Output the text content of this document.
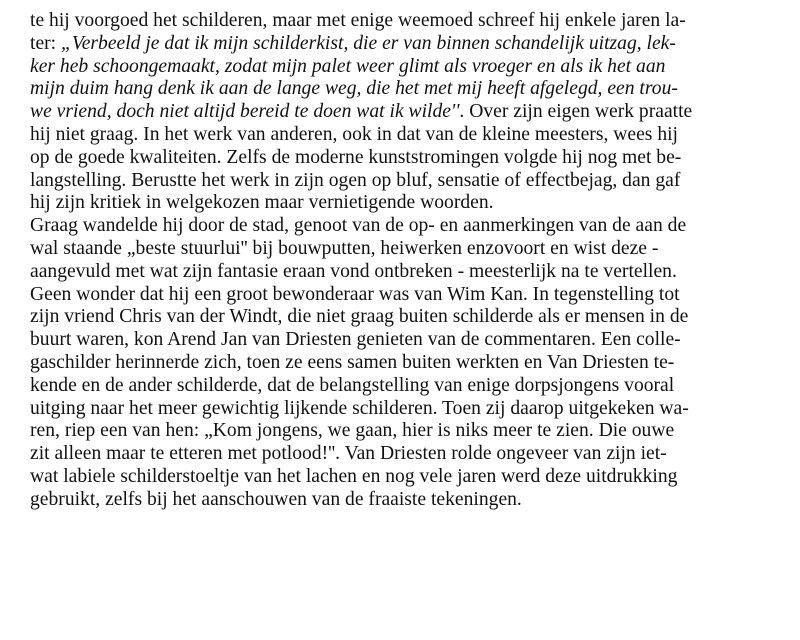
te hij voorgoed het schilderen, maar met enige weemoed schreef hij enkele jaren la-
ter: „Verbeeld je dat ik mijn schilderkist, die er van binnen schandelijk uitzag, lek-
ker heb schoongemaakt, zodat mijn palet weer glimt als vroeger en als ik het aan
mijn duim hang denk ik aan de lange weg, die het met mij heeft afgelegd, een trou-
we vriend, doch niet altijd bereid te doen wat ik wilde''. Over zijn eigen werk praatte
hij niet graag. In het werk van anderen, ook in dat van de kleine meesters, wees hij
op de goede kwaliteiten. Zelfs de moderne kunststromingen volgde hij nog met be-
langstelling. Berustte het werk in zijn ogen op bluf, sensatie of effectbejag, dan gaf
hij zijn kritiek in welgekozen maar vernietigende woorden.
Graag wandelde hij door de stad, genoot van de op- en aanmerkingen van de aan de
wal staande „beste stuurlui'' bij bouwputten, heiwerken enzovoort en wist deze -
aangevuld met wat zijn fantasie eraan vond ontbreken - meesterlijk na te vertellen.
Geen wonder dat hij een groot bewonderaar was van Wim Kan. In tegenstelling tot
zijn vriend Chris van der Windt, die niet graag buiten schilderde als er mensen in de
buurt waren, kon Arend Jan van Driesten genieten van de commentaren. Een colle-
gaschilder herinnerde zich, toen ze eens samen buiten werkten en Van Driesten te-
kende en de ander schilderde, dat de belangstelling van enige dorpsjongens vooral
uitging naar het meer gewichtig lijkende schilderen. Toen zij daarop uitgekeken wa-
ren, riep een van hen: „Kom jongens, we gaan, hier is niks meer te zien. Die ouwe
zit alleen maar te etteren met potlood!''. Van Driesten rolde ongeveer van zijn iet-
wat labiele schilderstoeltje van het lachen en nog vele jaren werd deze uitdrukking
gebruikt, zelfs bij het aanschouwen van de fraaiste tekeningen.
